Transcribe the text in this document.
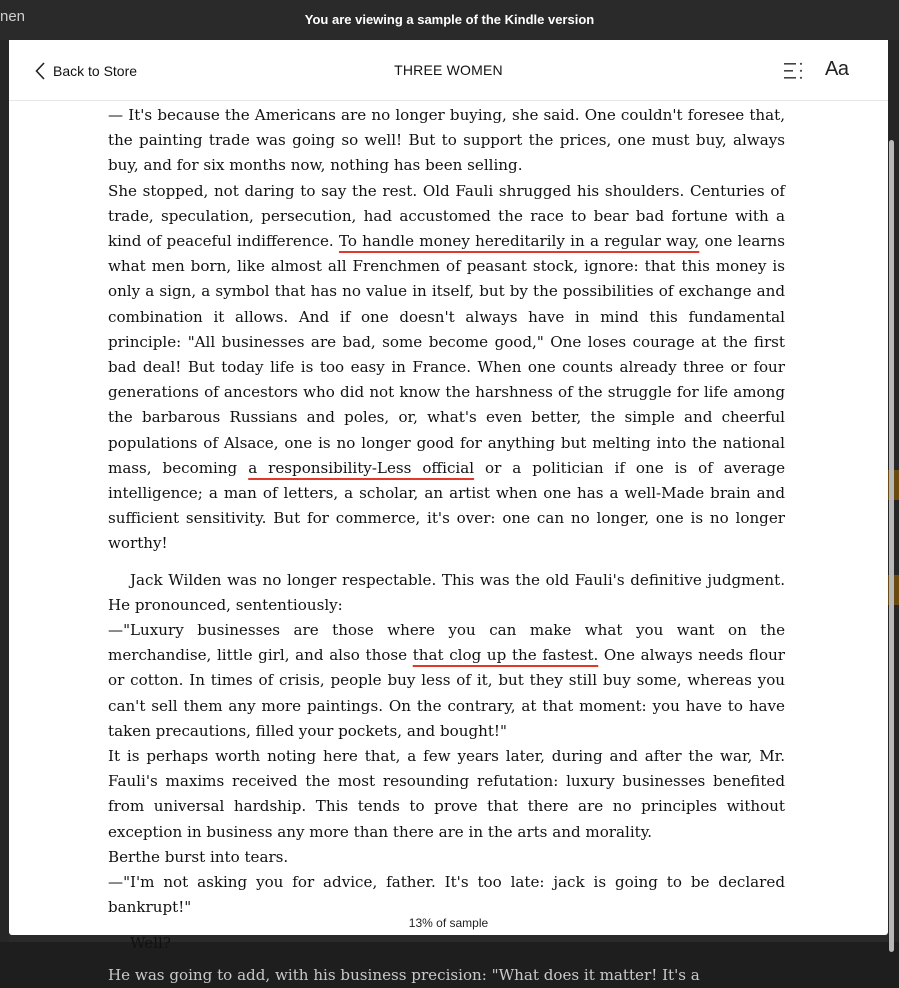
nen	You are viewing a sample of the Kindle version
Back to Store	THREE WOMEN	Aa

— It's because the Americans are no longer buying, she said. One couldn't foresee that, the painting trade was going so well! But to support the prices, one must buy, always buy, and for six months now, nothing has been selling.

She stopped, not daring to say the rest. Old Fauli shrugged his shoulders. Centuries of trade, speculation, persecution, had accustomed the race to bear bad fortune with a kind of peaceful indifference. To handle money hereditarily in a regular way, one learns what men born, like almost all Frenchmen of peasant stock, ignore: that this money is only a sign, a symbol that has no value in itself, but by the possibilities of exchange and combination it allows. And if one doesn't always have in mind this fundamental principle: "All businesses are bad, some become good," One loses courage at the first bad deal! But today life is too easy in France. When one counts already three or four generations of ancestors who did not know the harshness of the struggle for life among the barbarous Russians and poles, or, what's even better, the simple and cheerful populations of Alsace, one is no longer good for anything but melting into the national mass, becoming a responsibility-Less official or a politician if one is of average intelligence; a man of letters, a scholar, an artist when one has a well-Made brain and sufficient sensitivity. But for commerce, it's over: one can no longer, one is no longer worthy!

Jack Wilden was no longer respectable. This was the old Fauli's definitive judgment. He pronounced, sententiously:

—"Luxury businesses are those where you can make what you want on the merchandise, little girl, and also those that clog up the fastest. One always needs flour or cotton. In times of crisis, people buy less of it, but they still buy some, whereas you can't sell them any more paintings. On the contrary, at that moment: you have to have taken precautions, filled your pockets, and bought!"

It is perhaps worth noting here that, a few years later, during and after the war, Mr. Fauli's maxims received the most resounding refutation: luxury businesses benefited from universal hardship. This tends to prove that there are no principles without exception in business any more than there are in the arts and morality.

Berthe burst into tears.

—"I'm not asking you for advice, father. It's too late: jack is going to be declared bankrupt!"

Well?

He was going to add, with his business precision: "What does it matter! It's a

13% of sample
